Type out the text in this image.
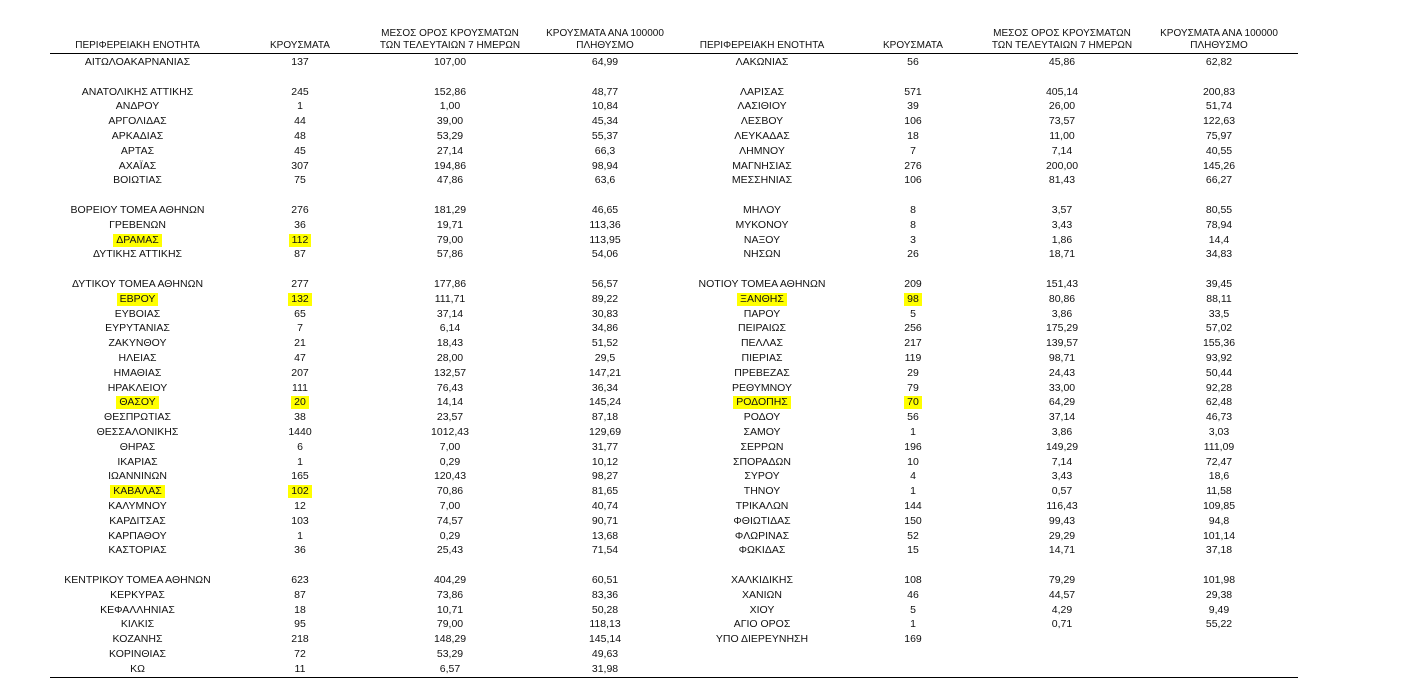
ΠΕΡΙΦΕΡΕΙΑΚΗ ΕΝΟΤΗΤΑ	ΚΡΟΥΣΜΑΤΑ
ΜΕΣΟΣ ΟΡΟΣ ΚΡΟΥΣΜΑΤΩΝ
ΤΩΝ ΤΕΛΕΥΤΑΙΩΝ 7 ΗΜΕΡΩΝ
ΚΡΟΥΣΜΑΤΑ ΑΝΑ 100000
ΠΛΗΘΥΣΜΟ
ΑΙΤΩΛΟΑΚΑΡΝΑΝΙΑΣ	137	107,00	64,99
ΑΝΑΤΟΛΙΚΗΣ ΑΤΤΙΚΗΣ	245	152,86	48,77
ΑΝΔΡΟΥ	1	1,00	10,84
ΑΡΓΟΛΙΔΑΣ	44	39,00	45,34
ΑΡΚΑΔΙΑΣ	48	53,29	55,37
ΑΡΤΑΣ	45	27,14	66,3
ΑΧΑΪΑΣ	307	194,86	98,94
ΒΟΙΩΤΙΑΣ	75	47,86	63,6
ΒΟΡΕΙΟΥ ΤΟΜΕΑ ΑΘΗΝΩΝ	276	181,29	46,65
ΓΡΕΒΕΝΩΝ	36	19,71	113,36
ΔΡΑΜΑΣ	112	79,00	113,95
ΔΥΤΙΚΗΣ ΑΤΤΙΚΗΣ	87	57,86	54,06
ΔΥΤΙΚΟΥ ΤΟΜΕΑ ΑΘΗΝΩΝ	277	177,86	56,57
ΕΒΡΟΥ	132	111,71	89,22
ΕΥΒΟΙΑΣ	65	37,14	30,83
ΕΥΡΥΤΑΝΙΑΣ	7	6,14	34,86
ΖΑΚΥΝΘΟΥ	21	18,43	51,52
ΗΛΕΙΑΣ	47	28,00	29,5
ΗΜΑΘΙΑΣ	207	132,57	147,21
ΗΡΑΚΛΕΙΟΥ	111	76,43	36,34
ΘΑΣΟΥ	20	14,14	145,24
ΘΕΣΠΡΩΤΙΑΣ	38	23,57	87,18
ΘΕΣΣΑΛΟΝΙΚΗΣ	1440	1012,43	129,69
ΘΗΡΑΣ	6	7,00	31,77
ΙΚΑΡΙΑΣ	1	0,29	10,12
ΙΩΑΝΝΙΝΩΝ	165	120,43	98,27
ΚΑΒΑΛΑΣ	102	70,86	81,65
ΚΑΛΥΜΝΟΥ	12	7,00	40,74
ΚΑΡΔΙΤΣΑΣ	103	74,57	90,71
ΚΑΡΠΑΘΟΥ	1	0,29	13,68
ΚΑΣΤΟΡΙΑΣ	36	25,43	71,54
ΚΕΝΤΡΙΚΟΥ ΤΟΜΕΑ ΑΘΗΝΩΝ	623	404,29	60,51
ΚΕΡΚΥΡΑΣ	87	73,86	83,36
ΚΕΦΑΛΛΗΝΙΑΣ	18	10,71	50,28
ΚΙΛΚΙΣ	95	79,00	118,13
ΚΟΖΑΝΗΣ	218	148,29	145,14
ΚΟΡΙΝΘΙΑΣ	72	53,29	49,63
ΚΩ	11	6,57	31,98
ΠΕΡΙΦΕΡΕΙΑΚΗ ΕΝΟΤΗΤΑ	ΚΡΟΥΣΜΑΤΑ
ΜΕΣΟΣ ΟΡΟΣ ΚΡΟΥΣΜΑΤΩΝ
ΤΩΝ ΤΕΛΕΥΤΑΙΩΝ 7 ΗΜΕΡΩΝ
ΚΡΟΥΣΜΑΤΑ ΑΝΑ 100000
ΠΛΗΘΥΣΜΟ
ΛΑΚΩΝΙΑΣ	56	45,86	62,82
ΛΑΡΙΣΑΣ	571	405,14	200,83
ΛΑΣΙΘΙΟΥ	39	26,00	51,74
ΛΕΣΒΟΥ	106	73,57	122,63
ΛΕΥΚΑΔΑΣ	18	11,00	75,97
ΛΗΜΝΟΥ	7	7,14	40,55
ΜΑΓΝΗΣΙΑΣ	276	200,00	145,26
ΜΕΣΣΗΝΙΑΣ	106	81,43	66,27
ΜΗΛΟΥ	8	3,57	80,55
ΜΥΚΟΝΟΥ	8	3,43	78,94
ΝΑΞΟΥ	3	1,86	14,4
ΝΗΣΩΝ	26	18,71	34,83
ΝΟΤΙΟΥ ΤΟΜΕΑ ΑΘΗΝΩΝ	209	151,43	39,45
ΞΑΝΘΗΣ	98	80,86	88,11
ΠΑΡΟΥ	5	3,86	33,5
ΠΕΙΡΑΙΩΣ	256	175,29	57,02
ΠΕΛΛΑΣ	217	139,57	155,36
ΠΙΕΡΙΑΣ	119	98,71	93,92
ΠΡΕΒΕΖΑΣ	29	24,43	50,44
ΡΕΘΥΜΝΟΥ	79	33,00	92,28
ΡΟΔΟΠΗΣ	70	64,29	62,48
ΡΟΔΟΥ	56	37,14	46,73
ΣΑΜΟΥ	1	3,86	3,03
ΣΕΡΡΩΝ	196	149,29	111,09
ΣΠΟΡΑΔΩΝ	10	7,14	72,47
ΣΥΡΟΥ	4	3,43	18,6
ΤΗΝΟΥ	1	0,57	11,58
ΤΡΙΚΑΛΩΝ	144	116,43	109,85
ΦΘΙΩΤΙΔΑΣ	150	99,43	94,8
ΦΛΩΡΙΝΑΣ	52	29,29	101,14
ΦΩΚΙΔΑΣ	15	14,71	37,18
ΧΑΛΚΙΔΙΚΗΣ	108	79,29	101,98
ΧΑΝΙΩΝ	46	44,57	29,38
ΧΙΟΥ	5	4,29	9,49
ΑΓΙΟ ΟΡΟΣ	1	0,71	55,22
ΥΠΟ ΔΙΕΡΕΥΝΗΣΗ	169
